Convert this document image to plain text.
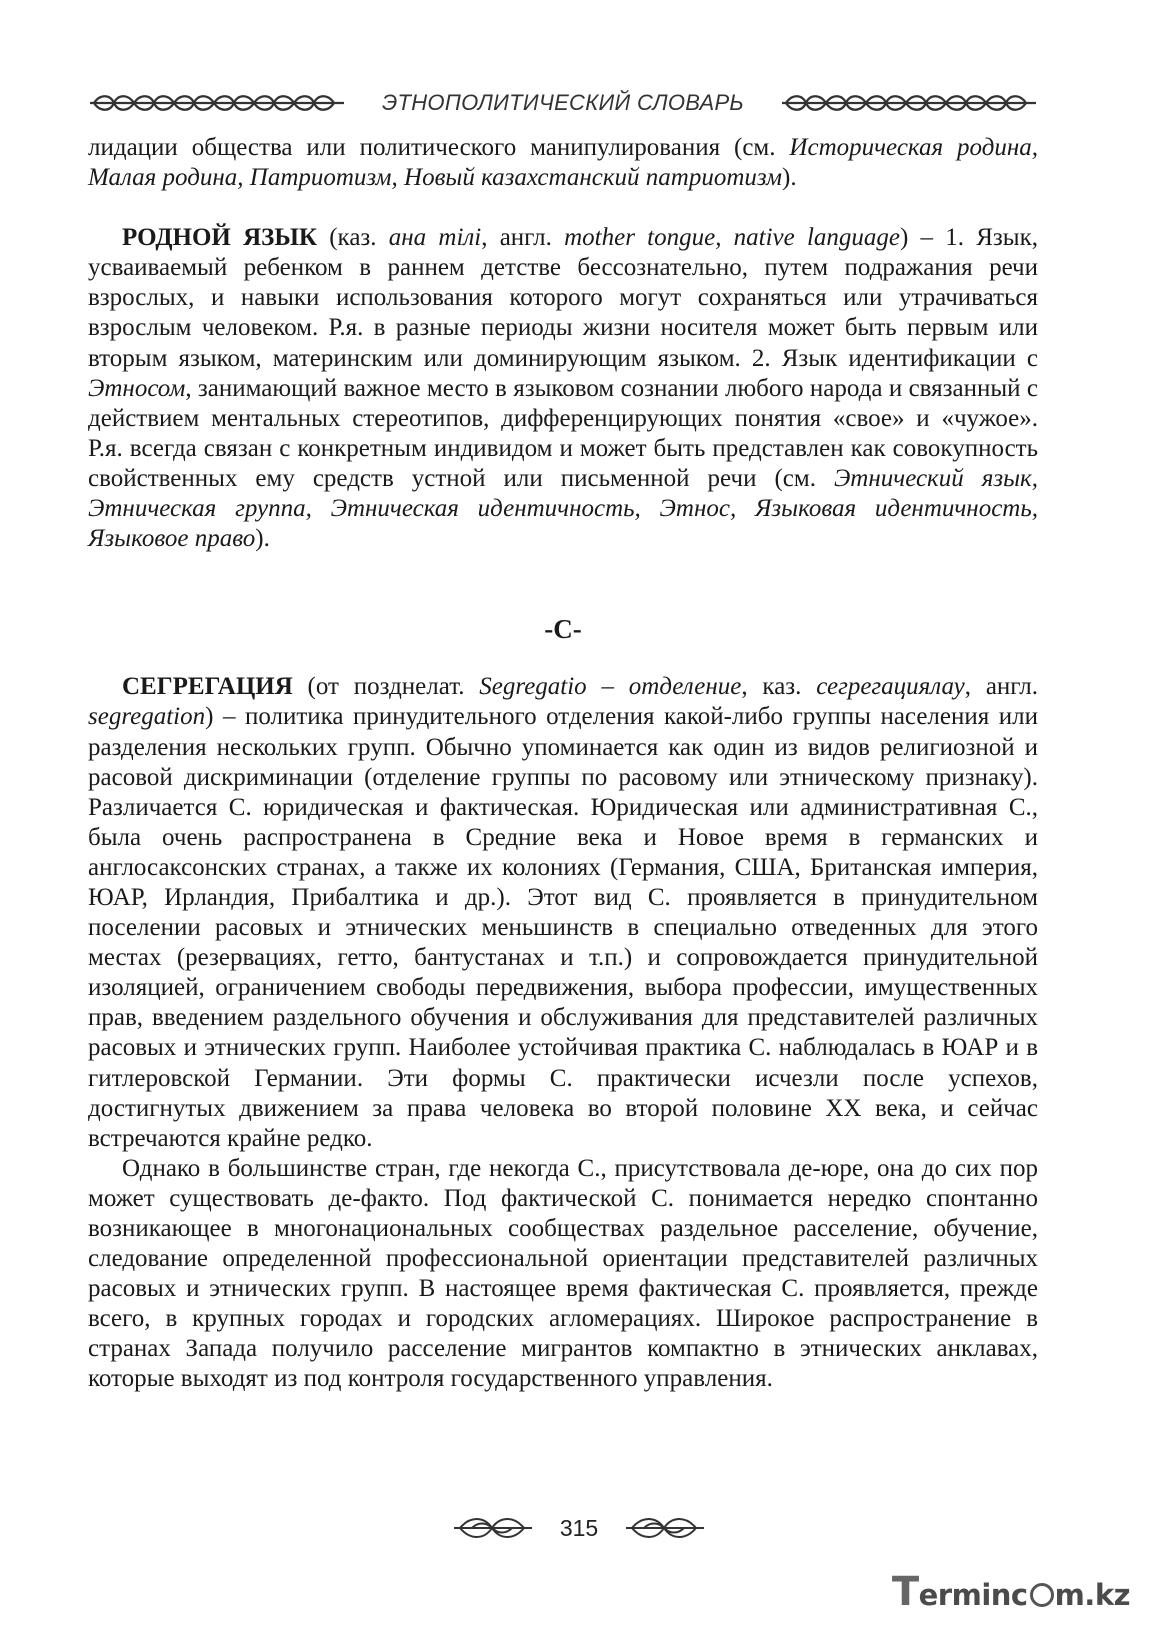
ЭТНОПОЛИТИЧЕСКИЙ СЛОВАРЬ

лидации общества или политического манипулирования (см. Историческая родина, Малая родина, Патриотизм, Новый казахстанский патриотизм).

РОДНОЙ ЯЗЫК (каз. ана тілі, англ. mother tongue, native language) – 1. Язык, усваиваемый ребенком в раннем детстве бессознательно, путем подражания речи взрослых, и навыки использования которого могут сохраняться или утрачиваться взрослым человеком. Р.я. в разные периоды жизни носителя может быть первым или вторым языком, материнским или доминирующим языком. 2. Язык идентификации с Этносом, занимающий важное место в языковом сознании любого народа и связанный с действием ментальных стереотипов, дифференцирующих понятия «свое» и «чужое». Р.я. всегда связан с конкретным индивидом и может быть представлен как совокупность свойственных ему средств устной или письменной речи (см. Этнический язык, Этническая группа, Этническая идентичность, Этнос, Языковая идентичность, Языковое право).

-С-

СЕГРЕГАЦИЯ (от позднелат. Segregatio – отделение, каз. сегрегациялау, англ. segregation) – политика принудительного отделения какой-либо группы населения или разделения нескольких групп. Обычно упоминается как один из видов религиозной и расовой дискриминации (отделение группы по расовому или этническому признаку). Различается С. юридическая и фактическая. Юридическая или административная С., была очень распространена в Средние века и Новое время в германских и англосаксонских странах, а также их колониях (Германия, США, Британская империя, ЮАР, Ирландия, Прибалтика и др.). Этот вид С. проявляется в принудительном поселении расовых и этнических меньшинств в специально отведенных для этого местах (резервациях, гетто, бантустанах и т.п.) и сопровождается принудительной изоляцией, ограничением свободы передвижения, выбора профессии, имущественных прав, введением раздельного обучения и обслуживания для представителей различных расовых и этнических групп. Наиболее устойчивая практика С. наблюдалась в ЮАР и в гитлеровской Германии. Эти формы С. практически исчезли после успехов, достигнутых движением за права человека во второй половине XX века, и сейчас встречаются крайне редко.

Однако в большинстве стран, где некогда С., присутствовала де-юре, она до сих пор может существовать де-факто. Под фактической С. понимается нередко спонтанно возникающее в многонациональных сообществах раздельное расселение, обучение, следование определенной профессиональной ориентации представителей различных расовых и этнических групп. В настоящее время фактическая С. проявляется, прежде всего, в крупных городах и городских агломерациях. Широкое распространение в странах Запада получило расселение мигрантов компактно в этнических анклавах, которые выходят из под контроля государственного управления.

315
T erminc m.kz
